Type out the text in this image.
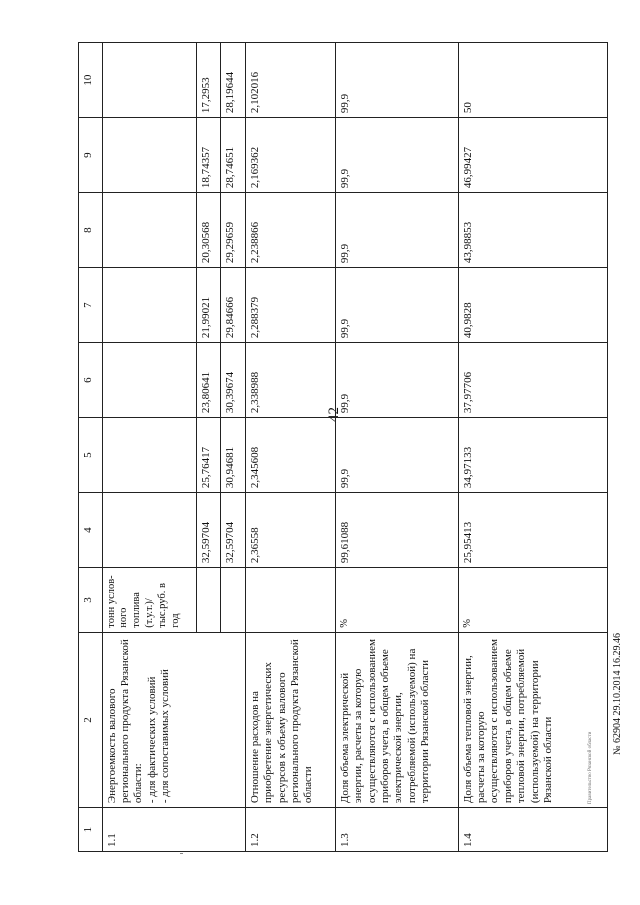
42
1	2	3	4	5	6	7	8	9	10
1.1	Энергоемкость валового регионального продукта Рязанской области:
- для фактических условий
- для сопоставимых условий	тонн услов-ного топлива (т.у.т.)/ тыс.руб. в год							
			32,59704	25,76417	23,80641	21,99021	20,30568	18,74357	17,2953
			32,59704	30,94681	30,39674	29,84666	29,29659	28,74651	28,19644
1.2	Отношение расходов на приобретение энергетических ресурсов к объему валового регионального продукта Рязанской области		2,36558	2,345608	2,338988	2,288379	2,238866	2,169362	2,102016
1.3	Доля объема электрической энергии, расчеты за которую осуществляются с использованием приборов учета, в общем объеме электрической энергии, потребляемой (используемой) на территории Рязанской области	%	99,61088	99,9	99,9	99,9	99,9	99,9	99,9
1.4	Доля объема тепловой энергии, расчеты за которую осуществляются с использованием приборов учета, в общем объеме тепловой энергии, потребляемой (используемой) на территории Рязанской области	%	25,95413	34,97133	37,97706	40,9828	43,98853	46,99427	50
Правительство Рязанской области
№ 62904 29.10.2014 16.29.46
